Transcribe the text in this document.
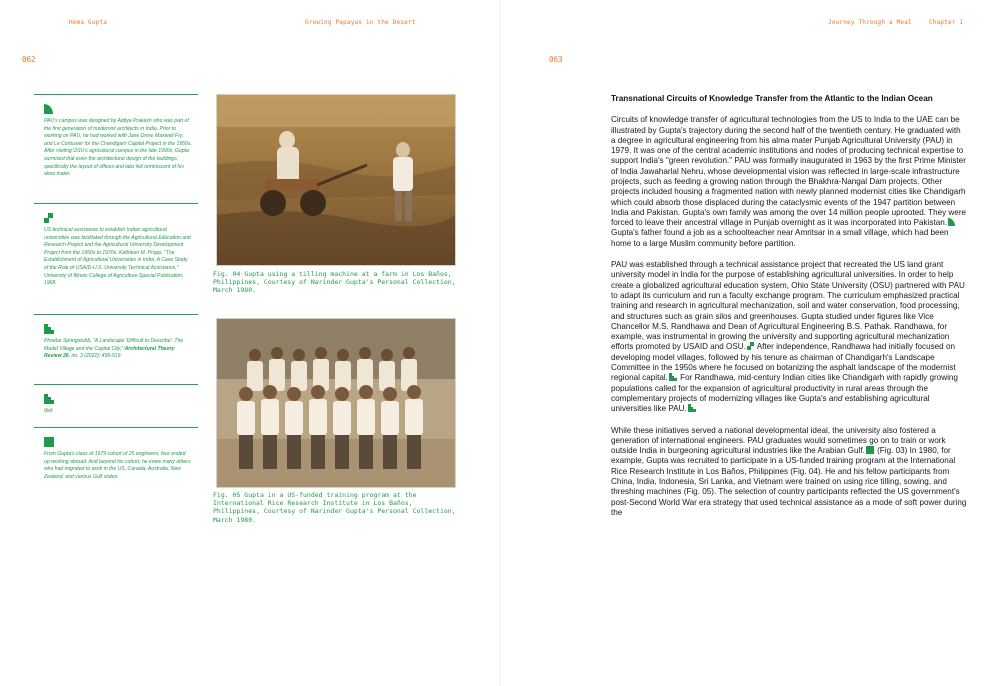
Hema Gupta	Growing Papayas in the Desert
062
PAU's campus was designed by Aditya Prakash who was part of the first generation of modernist architects in India. Prior to working on PAU, he had worked with Jane Drew, Maxwell Fry, and Le Corbusier for the Chandigarh Capital Project in the 1950s. After visiting OSU's agricultural campus in the late 1990s, Gupta surmised that even the architectural design of the buildings, specifically the layout of offices and labs felt reminiscent of his alma mater.
US technical assistance to establish Indian agricultural universities was facilitated through the Agricultural Education and Research Project and the Agricultural University Development Project from the 1950s to 1970s. Kathleen M. Propp, "The Establishment of Agricultural Universities in India: A Case Study of the Role of USAID-U.S. University Technical Assistance," University of Illinois College of Agriculture Special Publication, 1968.
Phoebe Springstubb, "A Landscape 'Difficult to Describe': The Model Village and the Capital City," Architectural Theory Review 26, no. 3 (2022): 495-519.
Ibid.
From Gupta's class of 1979 cohort of 25 engineers, four ended up working abroad. And beyond his cohort, he knew many others who had migrated to work in the US, Canada, Australia, New Zealand, and various Gulf states.
Fig. 04 Gupta using a tilling machine at a farm in Los Baños, Philippines, Courtesy of Narinder Gupta's Personal Collection, March 1980.
Fig. 05 Gupta in a US-funded training program at the International Rice Research Institute in Los Baños, Philippines, Courtesy of Narinder Gupta's Personal Collection, March 1980.
Journey Through a Meal	Chapter 1
063
Transnational Circuits of Knowledge Transfer from the Atlantic to the Indian Ocean

Circuits of knowledge transfer of agricultural technologies from the US to India to the UAE can be illustrated by Gupta's trajectory during the second half of the twentieth century. He graduated with a degree in agricultural engineering from his alma mater Punjab Agricultural University (PAU) in 1979. It was one of the central academic institutions and nodes of producing technical expertise to support India's "green revolution." PAU was formally inaugurated in 1963 by the first Prime Minister of India Jawaharlal Nehru, whose developmental vision was reflected in large-scale infrastructure projects, such as feeding a growing nation through the Bhakhra-Nangal Dam projects. Other projects included housing a fragmented nation with newly planned modernist cities like Chandigarh which could absorb those displaced during the cataclysmic events of the 1947 partition between India and Pakistan. Gupta's own family was among the over 14 million people uprooted. They were forced to leave their ancestral village in Punjab overnight as it was incorporated into Pakistan. Gupta's father found a job as a schoolteacher near Amritsar in a small village, which had been home to a large Muslim community before partition.

PAU was established through a technical assistance project that recreated the US land grant university model in India for the purpose of establishing agricultural universities. In order to help create a globalized agricultural education system, Ohio State University (OSU) partnered with PAU to adapt its curriculum and run a faculty exchange program. The curriculum emphasized practical training and research in agricultural mechanization, soil and water conservation, food processing, and structures such as grain silos and greenhouses. Gupta studied under figures like Vice Chancellor M.S. Randhawa and Dean of Agricultural Engineering B.S. Pathak. Randhawa, for example, was instrumental in growing the university and supporting agricultural mechanization efforts promoted by USAID and OSU. After independence, Randhawa had initially focused on developing model villages, followed by his tenure as chairman of Chandigarh's Landscape Committee in the 1950s where he focused on botanizing the asphalt landscape of the modernist regional capital. For Randhawa, mid-century Indian cities like Chandigarh with rapidly growing populations called for the expansion of agricultural productivity in rural areas through the complementary projects of modernizing villages like Gupta's and establishing agricultural universities like PAU.

While these initiatives served a national developmental ideal, the university also fostered a generation of international engineers. PAU graduates would sometimes go on to train or work outside India in burgeoning agricultural industries like the Arabian Gulf. (Fig. 03) In 1980, for example, Gupta was recruited to participate in a US-funded training program at the International Rice Research Institute in Los Baños, Philippines (Fig. 04). He and his fellow participants from China, India, Indonesia, Sri Lanka, and Vietnam were trained on using rice tilling, sowing, and threshing machines (Fig. 05). The selection of country participants reflected the US government's post-Second World War era strategy that used technical assistance as a mode of soft power during the
